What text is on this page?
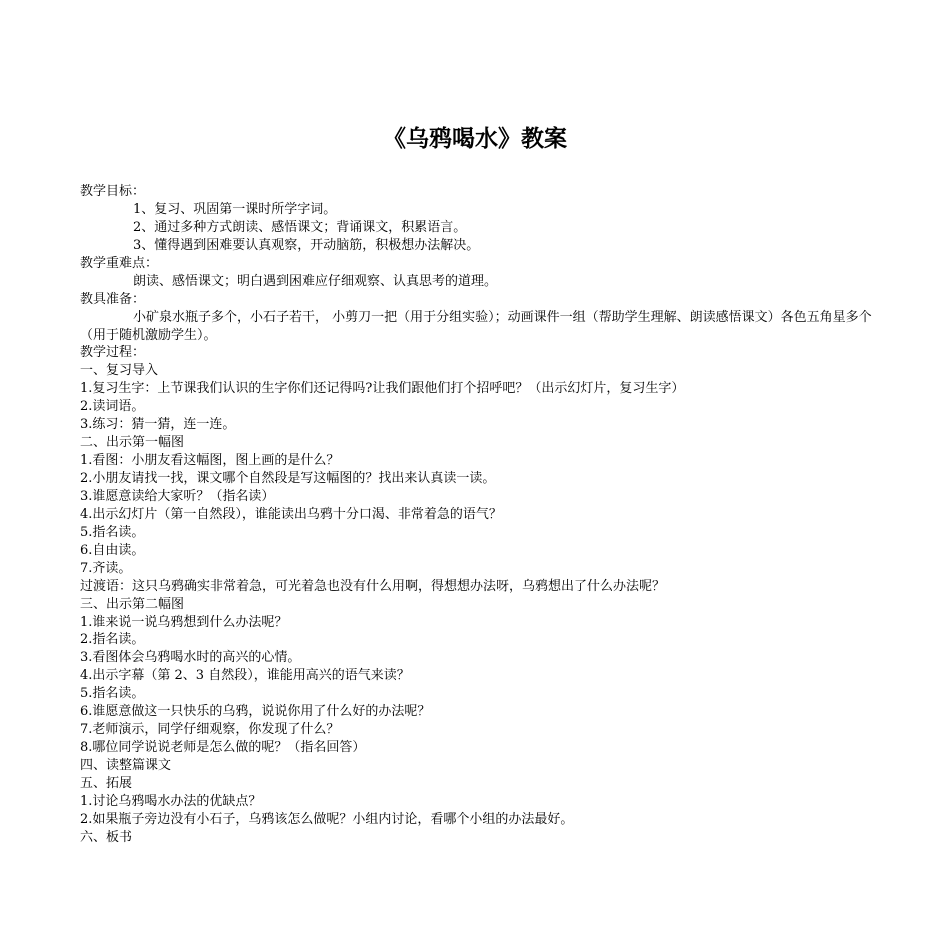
《乌鸦喝水》教案
教学目标：
1、复习、巩固第一课时所学字词。
2、通过多种方式朗读、感悟课文；背诵课文，积累语言。
3、懂得遇到困难要认真观察，开动脑筋，积极想办法解决。
教学重难点：
朗读、感悟课文；明白遇到困难应仔细观察、认真思考的道理。
教具准备：
小矿泉水瓶子多个，小石子若干， 小剪刀一把（用于分组实验）；动画课件一组（帮助学生理解、朗读感悟课文）各色五角星多个（用于随机激励学生）。
教学过程：
一、复习导入
1.复习生字：上节课我们认识的生字你们还记得吗?让我们跟他们打个招呼吧？（出示幻灯片，复习生字）
2.读词语。
3.练习：猜一猜，连一连。
二、出示第一幅图
1.看图：小朋友看这幅图，图上画的是什么？
2.小朋友请找一找，课文哪个自然段是写这幅图的？找出来认真读一读。
3.谁愿意读给大家听？（指名读）
4.出示幻灯片（第一自然段），谁能读出乌鸦十分口渴、非常着急的语气？
5.指名读。
6.自由读。
7.齐读。
过渡语：这只乌鸦确实非常着急，可光着急也没有什么用啊，得想想办法呀，乌鸦想出了什么办法呢？
三、出示第二幅图
1.谁来说一说乌鸦想到什么办法呢？
2.指名读。
3.看图体会乌鸦喝水时的高兴的心情。
4.出示字幕（第 2、3 自然段），谁能用高兴的语气来读？
5.指名读。
6.谁愿意做这一只快乐的乌鸦，说说你用了什么好的办法呢？
7.老师演示，同学仔细观察，你发现了什么？
8.哪位同学说说老师是怎么做的呢？（指名回答）
四、读整篇课文
五、拓展
1.讨论乌鸦喝水办法的优缺点？
2.如果瓶子旁边没有小石子，乌鸦该怎么做呢？小组内讨论，看哪个小组的办法最好。
六、板书
